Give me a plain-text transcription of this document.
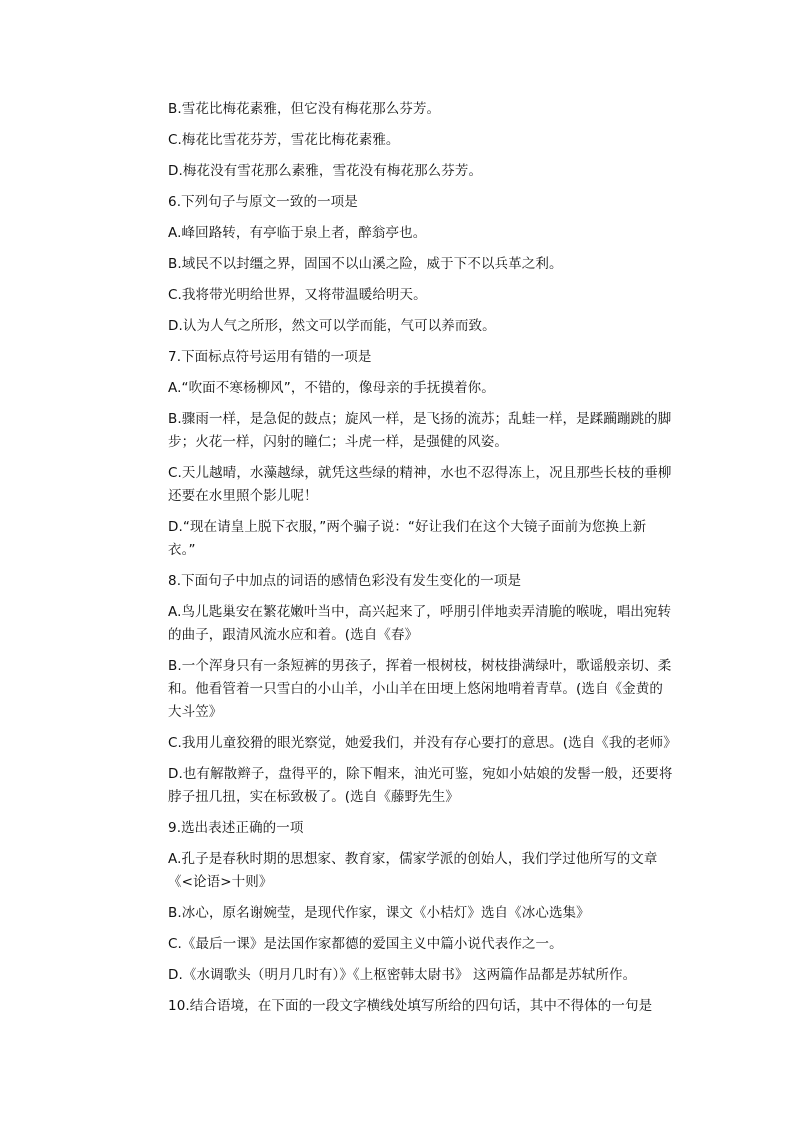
B.雪花比梅花素雅，但它没有梅花那么芬芳。

C.梅花比雪花芬芳，雪花比梅花素雅。

D.梅花没有雪花那么素雅，雪花没有梅花那么芬芳。

6.下列句子与原文一致的一项是

A.峰回路转，有亭临于泉上者，醉翁亭也。

B.域民不以封缰之界，固国不以山溪之险，威于下不以兵革之利。

C.我将带光明给世界，又将带温暖给明天。

D.认为人气之所形，然文可以学而能，气可以养而致。

7.下面标点符号运用有错的一项是

A.“吹面不寒杨柳风”，不错的，像母亲的手抚摸着你。

B.骤雨一样，是急促的鼓点；旋风一样，是飞扬的流苏；乱蛙一样，是蹂躏蹦跳的脚步；火花一样，闪射的瞳仁；斗虎一样，是强健的风姿。

C.天儿越晴，水藻越绿，就凭这些绿的精神，水也不忍得冻上，况且那些长枝的垂柳还要在水里照个影儿呢！

D.“现在请皇上脱下衣服，”两个骗子说：“好让我们在这个大镜子面前为您换上新衣。”

8.下面句子中加点的词语的感情色彩没有发生变化的一项是

A.鸟儿匙巢安在繁花嫩叶当中，高兴起来了，呼朋引伴地卖弄清脆的喉咙，唱出宛转的曲子，跟清风流水应和着。(选自《春》

B.一个浑身只有一条短裤的男孩子，挥着一根树枝，树枝掛满绿叶，歌谣般亲切、柔和。他看管着一只雪白的小山羊，小山羊在田埂上悠闲地啃着青草。(选自《金黄的大斗笠》

C.我用儿童狡猾的眼光察觉，她爱我们，并没有存心要打的意思。(选自《我的老师》

D.也有解散辫子，盘得平的，除下帽来，油光可鉴，宛如小姑娘的发髻一般，还要将脖子扭几扭，实在标致极了。(选自《藤野先生》

9.选出表述正确的一项

A.孔子是春秋时期的思想家、教育家，儒家学派的创始人，我们学过他所写的文章《<论语>十则》

B.冰心，原名谢婉莹，是现代作家，课文《小桔灯》选自《冰心选集》

C.《最后一课》是法国作家都德的爱国主义中篇小说代表作之一。

D.《水调歌头（明月几时有）》《上枢密韩太尉书》 这两篇作品都是苏轼所作。

10.结合语境，在下面的一段文字横线处填写所给的四句话，其中不得体的一句是
